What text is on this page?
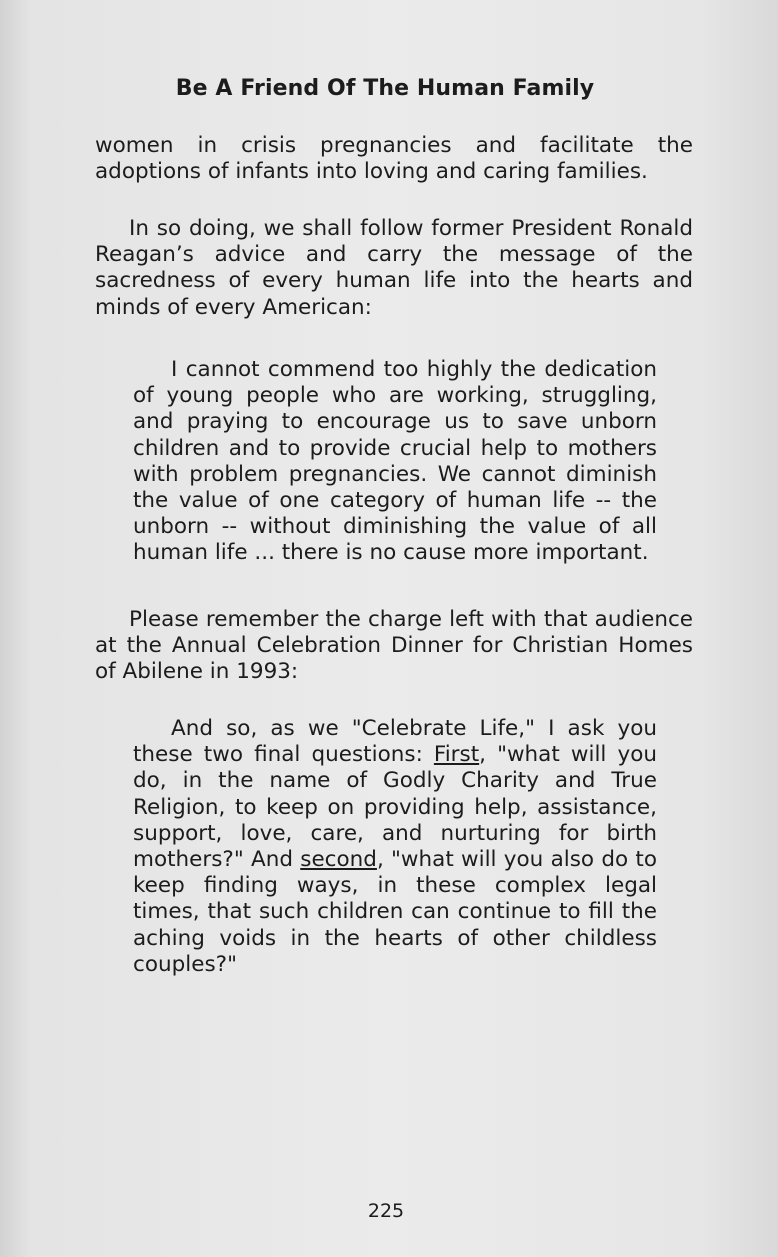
Be A Friend Of The Human Family

women in crisis pregnancies and facilitate the adoptions of infants into loving and caring families.

In so doing, we shall follow former President Ronald Reagan’s advice and carry the message of the sacredness of every human life into the hearts and minds of every American:

I cannot commend too highly the dedication of young people who are working, struggling, and praying to encourage us to save unborn children and to provide crucial help to mothers with problem pregnancies. We cannot diminish the value of one category of human life -- the unborn -- without diminishing the value of all human life ... there is no cause more important.

Please remember the charge left with that audience at the Annual Celebration Dinner for Christian Homes of Abilene in 1993:

And so, as we "Celebrate Life," I ask you these two final questions: First, "what will you do, in the name of Godly Charity and True Religion, to keep on providing help, assistance, support, love, care, and nurturing for birth mothers?" And second, "what will you also do to keep finding ways, in these complex legal times, that such children can continue to fill the aching voids in the hearts of other childless couples?"

225
